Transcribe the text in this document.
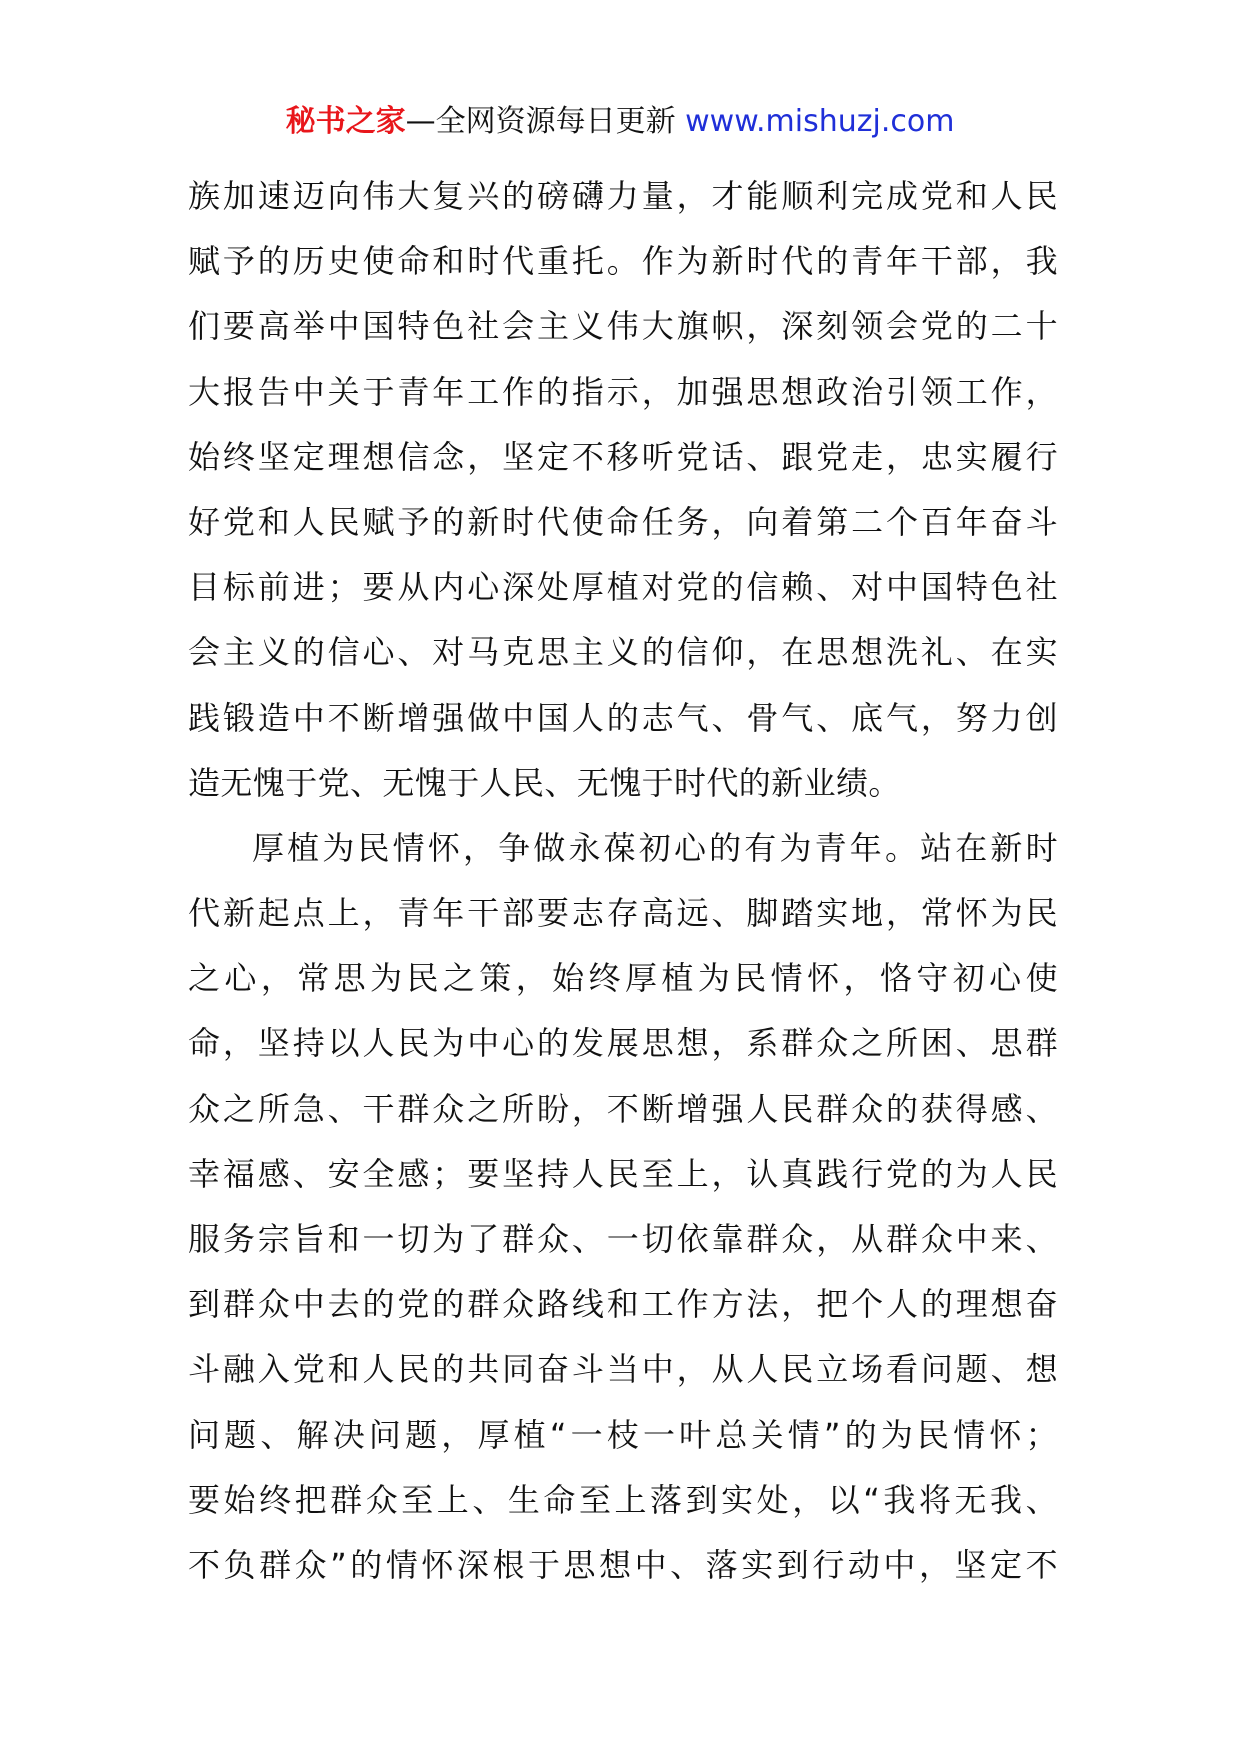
秘书之家—全网资源每日更新 www.mishuzj.com
族加速迈向伟大复兴的磅礴力量，才能顺利完成党和人民
赋予的历史使命和时代重托。作为新时代的青年干部，我
们要高举中国特色社会主义伟大旗帜，深刻领会党的二十
大报告中关于青年工作的指示，加强思想政治引领工作，
始终坚定理想信念，坚定不移听党话、跟党走，忠实履行
好党和人民赋予的新时代使命任务，向着第二个百年奋斗
目标前进；要从内心深处厚植对党的信赖、对中国特色社
会主义的信心、对马克思主义的信仰，在思想洗礼、在实
践锻造中不断增强做中国人的志气、骨气、底气，努力创
造无愧于党、无愧于人民、无愧于时代的新业绩。
厚植为民情怀，争做永葆初心的有为青年。站在新时
代新起点上，青年干部要志存高远、脚踏实地，常怀为民
之心，常思为民之策，始终厚植为民情怀，恪守初心使
命，坚持以人民为中心的发展思想，系群众之所困、思群
众之所急、干群众之所盼，不断增强人民群众的获得感、
幸福感、安全感；要坚持人民至上，认真践行党的为人民
服务宗旨和一切为了群众、一切依靠群众，从群众中来、
到群众中去的党的群众路线和工作方法，把个人的理想奋
斗融入党和人民的共同奋斗当中，从人民立场看问题、想
问题、解决问题，厚植“一枝一叶总关情”的为民情怀；
要始终把群众至上、生命至上落到实处，以“我将无我、
不负群众”的情怀深根于思想中、落实到行动中，坚定不
